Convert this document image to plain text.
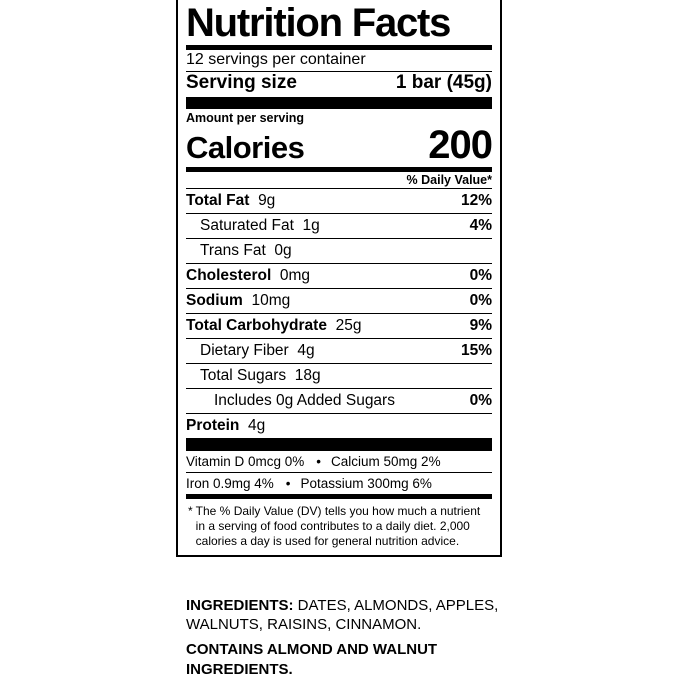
Nutrition Facts
12 servings per container
Serving size	1 bar (45g)
Amount per serving
Calories	200
% Daily Value*
Total Fat 9g	12%
Saturated Fat 1g	4%
Trans Fat 0g
Cholesterol 0mg	0%
Sodium 10mg	0%
Total Carbohydrate 25g	9%
Dietary Fiber 4g	15%
Total Sugars 18g
Includes 0g Added Sugars	0%
Protein 4g
Vitamin D 0mcg 0% • Calcium 50mg 2%
Iron 0.9mg 4% • Potassium 300mg 6%
* The % Daily Value (DV) tells you how much a nutrient in a serving of food contributes to a daily diet. 2,000 calories a day is used for general nutrition advice.
INGREDIENTS: DATES, ALMONDS, APPLES, WALNUTS, RAISINS, CINNAMON.
CONTAINS ALMOND AND WALNUT INGREDIENTS.
